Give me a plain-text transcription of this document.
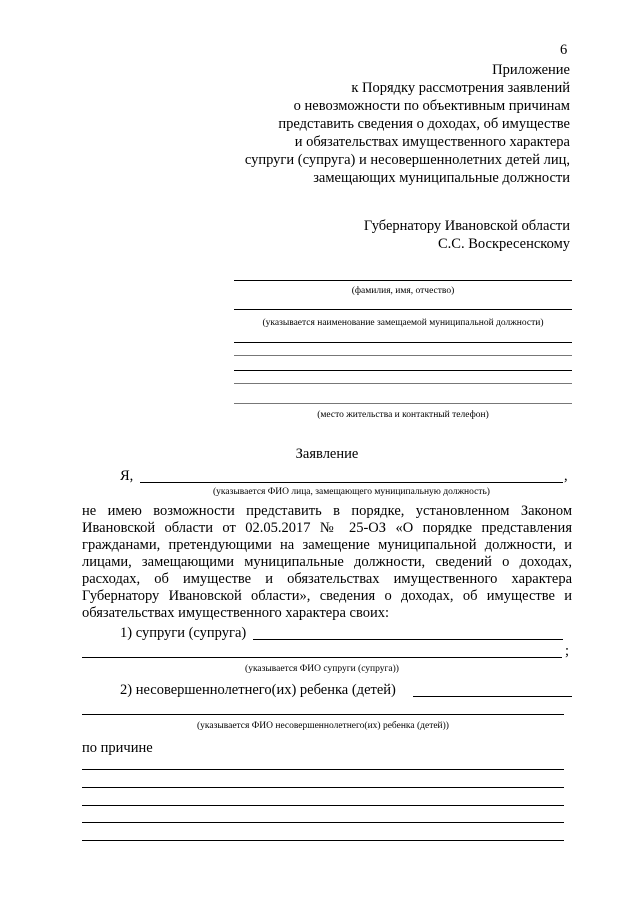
6
Приложение
к Порядку рассмотрения заявлений
о невозможности по объективным причинам
представить сведения о доходах, об имуществе
и обязательствах имущественного характера
супруги (супруга) и несовершеннолетних детей лиц,
замещающих муниципальные должности
Губернатору Ивановской области
С.С. Воскресенскому
(фамилия, имя, отчество)
(указывается наименование замещаемой муниципальной должности)
(место жительства и контактный телефон)
Заявление
Я,	,
(указывается ФИО лица, замещающего муниципальную должность)
не имею возможности представить в порядке, установленном Законом
Ивановской области от 02.05.2017 № 25-ОЗ «О порядке представления
гражданами, претендующими на замещение муниципальной должности, и
лицами, замещающими муниципальные должности, сведений о доходах,
расходах, об имуществе и обязательствах имущественного характера
Губернатору Ивановской области», сведения о доходах, об имуществе и
обязательствах имущественного характера своих:
1) супруги (супруга)
;
(указывается ФИО супруги (супруга))
2) несовершеннолетнего(их) ребенка (детей)
(указывается ФИО несовершеннолетнего(их) ребенка (детей))
по причине
